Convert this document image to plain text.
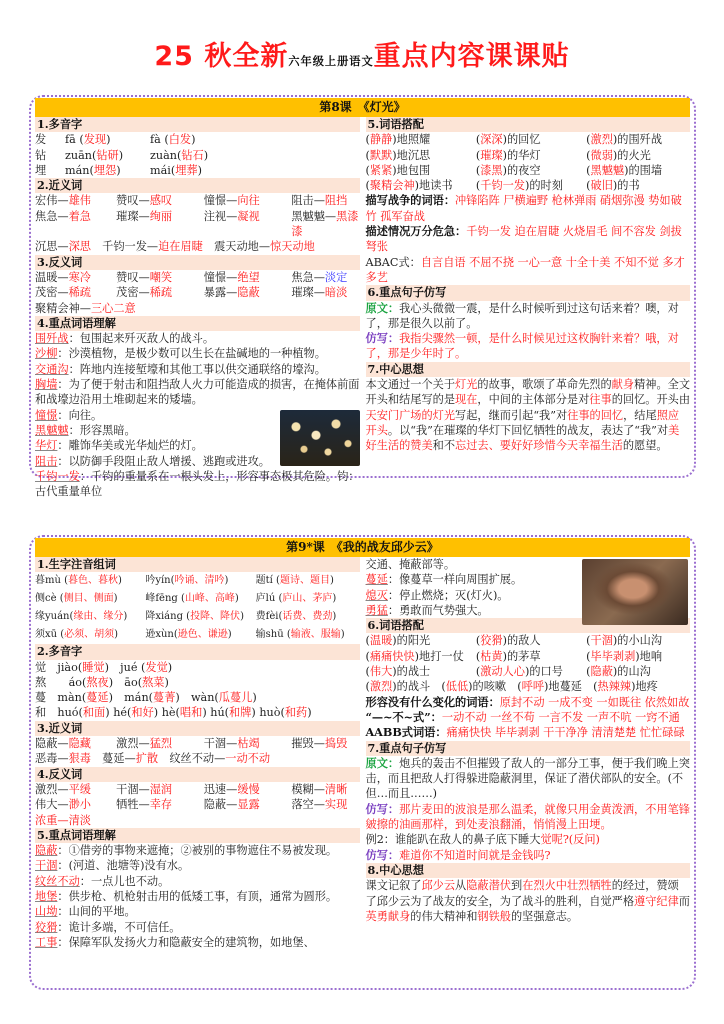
25 秋全新六年级上册语文重点内容课课贴
第8课　《灯光》
1.多音字
发	fā (发现)	fà (白发)
钻	zuān(钻研)	zuàn(钻石)
埋	mán(埋怨)	mái(埋葬)
2.近义词
宏伟—雄伟	赞叹—感叹	憧憬—向往	阻击—阻挡
焦急—着急	璀璨—绚丽	注视—凝视	黑魆魆—黑漆漆
沉思—深思　千钧一发—迫在眉睫　震天动地—惊天动地
3.反义词
温暖—寒冷	赞叹—嘲笑	憧憬—绝望	焦急—淡定
茂密—稀疏	茂密—稀疏	暴露—隐蔽	璀璨—暗淡
聚精会神—三心二意
4.重点词语理解
围歼战：包围起来歼灭敌人的战斗。
沙柳：沙漠植物，是极少数可以生长在盐碱地的一种植物。
交通沟：阵地内连接堑壕和其他工事以供交通联络的壕沟。
胸墙：为了便于射击和阻挡敌人火力可能造成的损害，在掩体前面和战壕边沿用土堆砌起来的矮墙。
憧憬：向往。
黑魆魆：形容黑暗。
华灯：雕饰华美或光华灿烂的灯。
阻击：以防御手段阻止敌人增援、逃跑或进攻。
千钧一发：千钧的重量系在一根头发上，形容事态极其危险。钧：古代重量单位
5.词语搭配
(静静)地照耀	(深深)的回忆	(激烈)的围歼战
(默默)地沉思	(璀璨)的华灯	(微弱)的火光
(紧紧)地包围	(漆黑)的夜空	(黑魆魆)的围墙
(聚精会神)地读书	(千钧一发)的时刻	(破旧)的书
描写战争的词语：冲锋陷阵 尸横遍野 枪林弹雨 硝烟弥漫 势如破竹 孤军奋战
描述情况万分危急：千钧一发 迫在眉睫 火烧眉毛 间不容发 剑拔弩张
ABAC式：自言自语 不屈不挠 一心一意 十全十美 不知不觉 多才多艺
6.重点句子仿写
原文：我心头微微一震，是什么时候听到过这句话来着？噢，对了，那是很久以前了。
仿写：我指尖骤然一顿，是什么时候见过这枚胸针来着？哦，对了，那是少年时了。
7.中心思想
本文通过一个关于灯光的故事，歌颂了革命先烈的献身精神。全文开头和结尾写的是现在，中间的主体部分是对往事的回忆。开头由天安门广场的灯光写起，继而引起“我”对往事的回忆，结尾照应开头。以“我”在璀璨的华灯下回忆牺牲的战友，表达了“我”对美好生活的赞美和不忘过去、要好好珍惜今天幸福生活的愿望。
第9*课　《我的战友邱少云》
1.生字注音组词
暮mù (暮色、暮秋)	吟yín(吟诵、清吟)	题tí (题诗、题目)
侧cè (侧目、侧面)	峰fēng (山峰、高峰)	庐lú (庐山、茅庐)
缘yuán(缘由、缘分)	降xiáng (投降、降伏)	费fèi(话费、费劲)
须xū (必须、胡须)	逊xùn(逊色、谦逊)	输shū (输液、服输)
2.多音字
觉　jiào(睡觉)　jué (发觉)
熬　　áo(熬夜)　āo(熬菜)
蔓　màn(蔓延)　mán(蔓菁)　wàn(瓜蔓儿)
和　huó(和面) hé(和好) hè(唱和) hú(和牌) huò(和药)
3.近义词
隐蔽—隐藏	激烈—猛烈	干涸—枯竭	摧毁—捣毁
恶毒—狠毒　蔓延—扩散　纹丝不动—一动不动
4.反义词
激烈—平缓	干涸—湿润	迅速—缓慢	模糊—清晰
伟大—渺小	牺牲—幸存	隐蔽—显露	落空—实现
浓重—清淡
5.重点词语理解
隐蔽：①借旁的事物来遮掩；②被别的事物遮住不易被发现。
干涸：(河道、池塘等)没有水。
纹丝不动：一点儿也不动。
地堡：供步枪、机枪射击用的低矮工事，有顶，通常为圆形。
山坳：山间的平地。
狡猾：诡计多端，不可信任。
工事：保障军队发扬火力和隐蔽安全的建筑物，如地堡、
交通、掩蔽部等。
蔓延：像蔓草一样向周围扩展。
熄灭：停止燃烧；灭(灯火)。
勇猛：勇敢而气势强大。
6.词语搭配
(温暖)的阳光	(狡猾)的敌人	(干涸)的小山沟
(痛痛快快)地打一仗	(枯黄)的茅草	(毕毕剥剥)地响
(伟大)的战士	(激动人心)的口号	(隐蔽)的山沟
(激烈)的战斗　(低低)的咳嗽　(呼呼)地蔓延　(热辣辣)地疼
形容没有什么变化的词语：原封不动 一成不变 一如既往 依然如故
“—~不~式”：一动不动 一丝不苟 一言不发 一声不吭 一窍不通
AABB式词语：痛痛快快 毕毕剥剥 干干净净 清清楚楚 忙忙碌碌
7.重点句子仿写
原文：炮兵的轰击不但摧毁了敌人的一部分工事，便于我们晚上突击，而且把敌人打得躲进隐蔽洞里，保证了潜伏部队的安全。(不但…而且……)
仿写：那片麦田的波浪是那么温柔，就像只用金黄泼洒，不用笔锋皴擦的油画那样，到处麦浪翻涌，悄悄漫上田埂。
例2：谁能趴在敌人的鼻子底下睡大觉呢?(反问)
仿写：难道你不知道时间就是金钱吗?
8.中心思想
课文记叙了邱少云从隐蔽潜伏到在烈火中壮烈牺牲的经过，赞颂了邱少云为了战友的安全，为了战斗的胜利，自觉严格遵守纪律而英勇献身的伟大精神和钢铁般的坚强意志。
